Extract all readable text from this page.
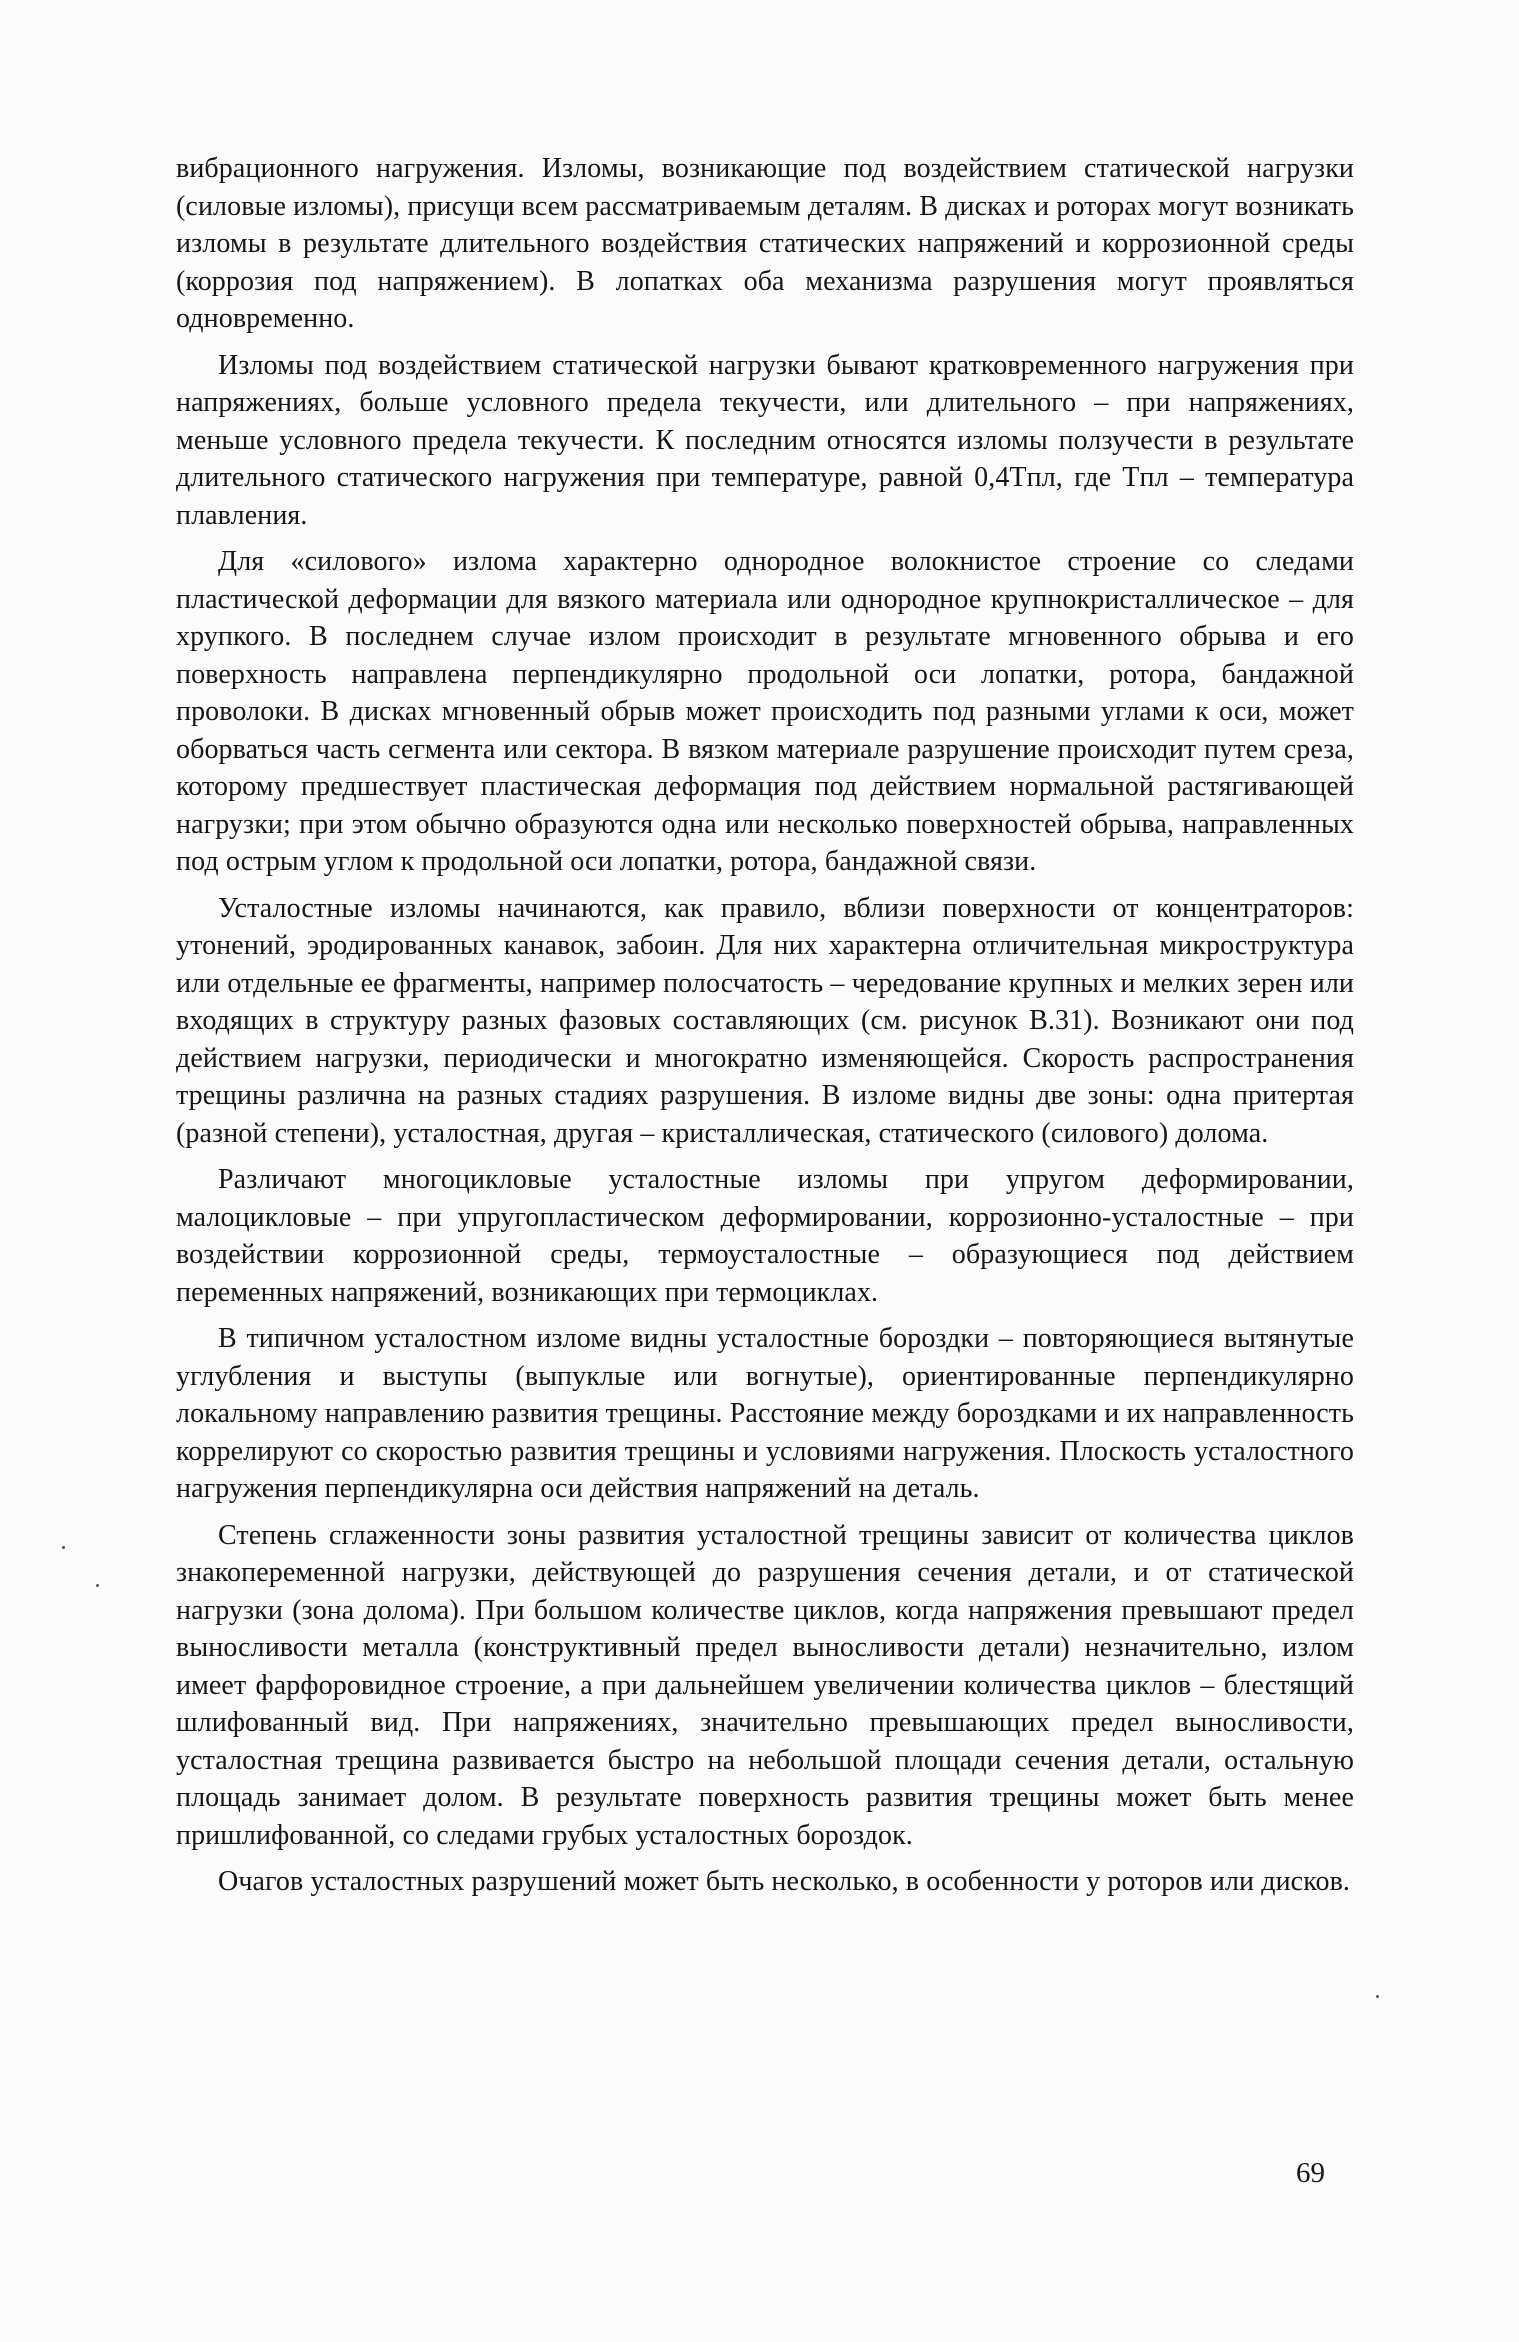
вибрационного нагружения. Изломы, возникающие под воздействием статической нагрузки (силовые изломы), присущи всем рассматриваемым деталям. В дисках и роторах могут возникать изломы в результате длительного воздействия статических напряжений и коррозионной среды (коррозия под напряжением). В лопатках оба механизма разрушения могут проявляться одновременно.

Изломы под воздействием статической нагрузки бывают кратковременного нагружения при напряжениях, больше условного предела текучести, или длительного – при напряжениях, меньше условного предела текучести. К последним относятся изломы ползучести в результате длительного статического нагружения при температуре, равной 0,4Tпл, где Tпл – температура плавления.

Для «силового» излома характерно однородное волокнистое строение со следами пластической деформации для вязкого материала или однородное крупнокристаллическое – для хрупкого. В последнем случае излом происходит в результате мгновенного обрыва и его поверхность направлена перпендикулярно продольной оси лопатки, ротора, бандажной проволоки. В дисках мгновенный обрыв может происходить под разными углами к оси, может оборваться часть сегмента или сектора. В вязком материале разрушение происходит путем среза, которому предшествует пластическая деформация под действием нормальной растягивающей нагрузки; при этом обычно образуются одна или несколько поверхностей обрыва, направленных под острым углом к продольной оси лопатки, ротора, бандажной связи.

Усталостные изломы начинаются, как правило, вблизи поверхности от концентраторов: утонений, эродированных канавок, забоин. Для них характерна отличительная микроструктура или отдельные ее фрагменты, например полосчатость – чередование крупных и мелких зерен или входящих в структуру разных фазовых составляющих (см. рисунок В.31). Возникают они под действием нагрузки, периодически и многократно изменяющейся. Скорость распространения трещины различна на разных стадиях разрушения. В изломе видны две зоны: одна притертая (разной степени), усталостная, другая – кристаллическая, статического (силового) долома.

Различают многоцикловые усталостные изломы при упругом деформировании, малоцикловые – при упругопластическом деформировании, коррозионно-усталостные – при воздействии коррозионной среды, термоусталостные – образующиеся под действием переменных напряжений, возникающих при термоциклах.

В типичном усталостном изломе видны усталостные бороздки – повторяющиеся вытянутые углубления и выступы (выпуклые или вогнутые), ориентированные перпендикулярно локальному направлению развития трещины. Расстояние между бороздками и их направленность коррелируют со скоростью развития трещины и условиями нагружения. Плоскость усталостного нагружения перпендикулярна оси действия напряжений на деталь.

Степень сглаженности зоны развития усталостной трещины зависит от количества циклов знакопеременной нагрузки, действующей до разрушения сечения детали, и от статической нагрузки (зона долома). При большом количестве циклов, когда напряжения превышают предел выносливости металла (конструктивный предел выносливости детали) незначительно, излом имеет фарфоровидное строение, а при дальнейшем увеличении количества циклов – блестящий шлифованный вид. При напряжениях, значительно превышающих предел выносливости, усталостная трещина развивается быстро на небольшой площади сечения детали, остальную площадь занимает долом. В результате поверхность развития трещины может быть менее пришлифованной, со следами грубых усталостных бороздок.

Очагов усталостных разрушений может быть несколько, в особенности у роторов или дисков.

69
